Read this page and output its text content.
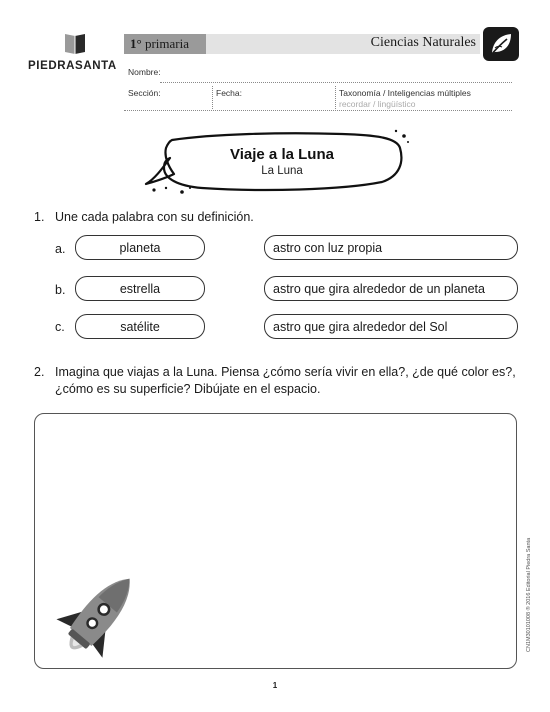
PIEDRASANTA
1° primaria	Ciencias Naturales
Nombre:
Sección:	Fecha:	Taxonomía / Inteligencias múltiples
recordar / lingüístico
Viaje a la Luna
La Luna
1. Une cada palabra con su definición.
a.	planeta	astro con luz propia
b.	estrella	astro que gira alrededor de un planeta
c.	satélite	astro que gira alrededor del Sol
2. Imagina que viajas a la Luna. Piensa ¿cómo sería vivir en ella?, ¿de qué color es?,
¿cómo es su superficie? Dibújate en el espacio.
1
CN1M30101008 ® 2016 Editorial Piedra Santa
